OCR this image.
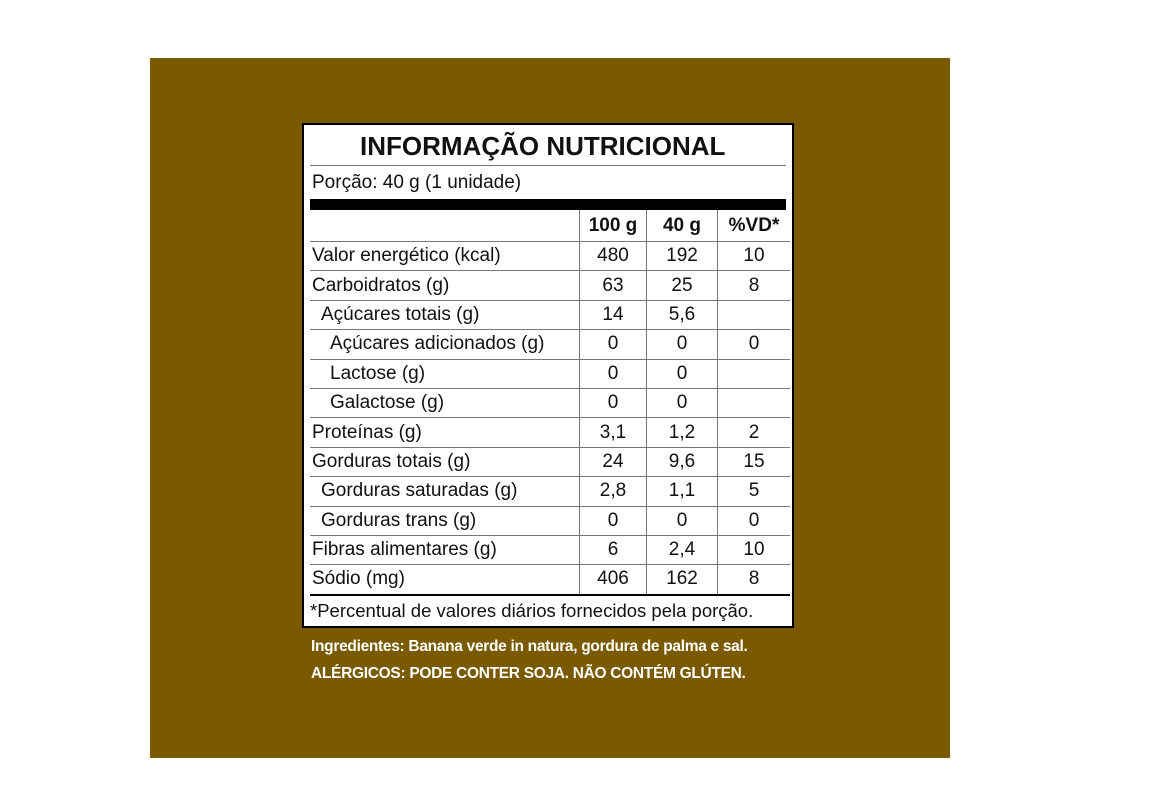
INFORMAÇÃO NUTRICIONAL
Porção: 40 g (1 unidade)
	100 g	40 g	%VD*
Valor energético (kcal)	480	192	10
Carboidratos (g)	63	25	8
Açúcares totais (g)	14	5,6	
Açúcares adicionados (g)	0	0	0
Lactose (g)	0	0	
Galactose (g)	0	0	
Proteínas (g)	3,1	1,2	2
Gorduras totais (g)	24	9,6	15
Gorduras saturadas (g)	2,8	1,1	5
Gorduras trans (g)	0	0	0
Fibras alimentares (g)	6	2,4	10
Sódio (mg)	406	162	8
*Percentual de valores diários fornecidos pela porção.
Ingredientes: Banana verde in natura, gordura de palma e sal.
ALÉRGICOS: PODE CONTER SOJA. NÃO CONTÉM GLÚTEN.
